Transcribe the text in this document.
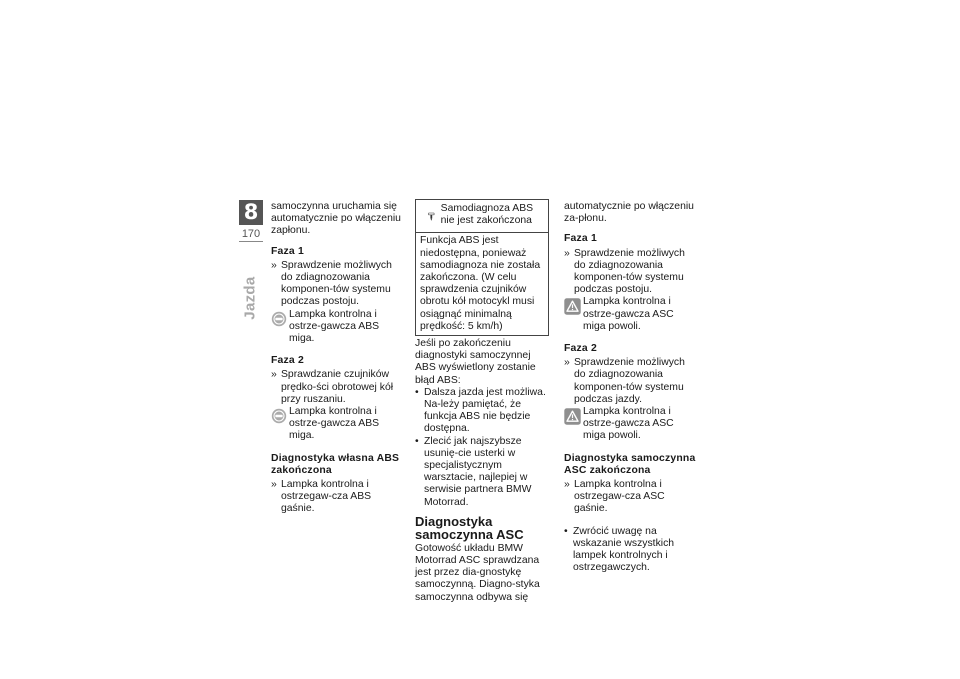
8
170
Jazda

samoczynna uruchamia się automatycznie po włączeniu zapłonu.

Faza 1

» Sprawdzenie możliwych do zdiagnozowania komponen-tów systemu podczas postoju.

Lampka kontrolna i ostrze-gawcza ABS miga.

Faza 2

» Sprawdzanie czujników prędko-ści obrotowej kół przy ruszaniu.

Lampka kontrolna i ostrze-gawcza ABS miga.

Diagnostyka własna ABS zakończona

» Lampka kontrolna i ostrzegaw-cza ABS gaśnie.

Samodiagnoza ABS nie jest zakończona

Funkcja ABS jest niedostępna, ponieważ samodiagnoza nie została zakończona. (W celu sprawdzenia czujników obrotu kół motocykl musi osiągnąć minimalną prędkość: 5 km/h)

Jeśli po zakończeniu diagnostyki samoczynnej ABS wyświetlony zostanie błąd ABS:

• Dalsza jazda jest możliwa. Na-leży pamiętać, że funkcja ABS nie będzie dostępna.

• Zlecić jak najszybsze usunię-cie usterki w specjalistycznym warsztacie, najlepiej w serwisie partnera BMW Motorrad.

Diagnostyka samoczynna ASC

Gotowość układu BMW Motorrad ASC sprawdzana jest przez dia-gnostykę samoczynną. Diagno-styka samoczynna odbywa się

automatycznie po włączeniu za-płonu.

Faza 1

» Sprawdzenie możliwych do zdiagnozowania komponen-tów systemu podczas postoju.

Lampka kontrolna i ostrze-gawcza ASC miga powoli.

Faza 2

» Sprawdzenie możliwych do zdiagnozowania komponen-tów systemu podczas jazdy.

Lampka kontrolna i ostrze-gawcza ASC miga powoli.

Diagnostyka samoczynna ASC zakończona

» Lampka kontrolna i ostrzegaw-cza ASC gaśnie.

• Zwrócić uwagę na wskazanie wszystkich lampek kontrolnych i ostrzegawczych.
